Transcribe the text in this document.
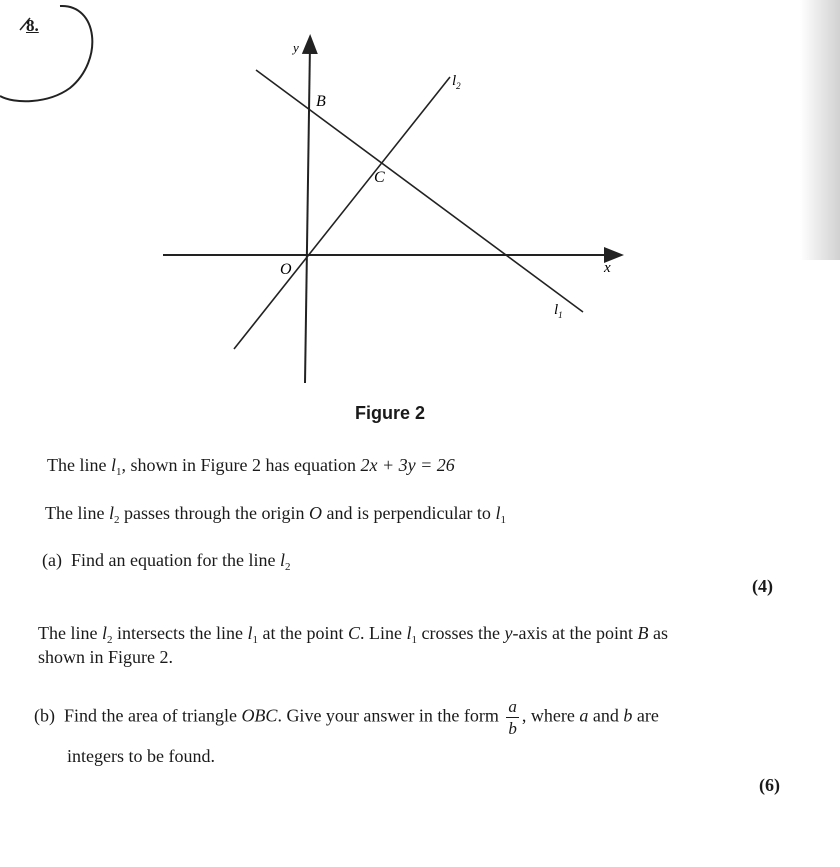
8.
y
x
O
B
C
$l_2$
$l_1$
Figure 2
The line $l_1$, shown in Figure 2 has equation 2x + 3y = 26
The line $l_2$ passes through the origin O and is perpendicular to $l_1$
(a) Find an equation for the line $l_2$
(4)
The line $l_2$ intersects the line $l_1$ at the point C. Line $l_1$ crosses the y-axis at the point B as
shown in Figure 2.
(b) Find the area of triangle OBC. Give your answer in the form $\frac{a}{b}$ , where a and b are
integers to be found.
(6)
